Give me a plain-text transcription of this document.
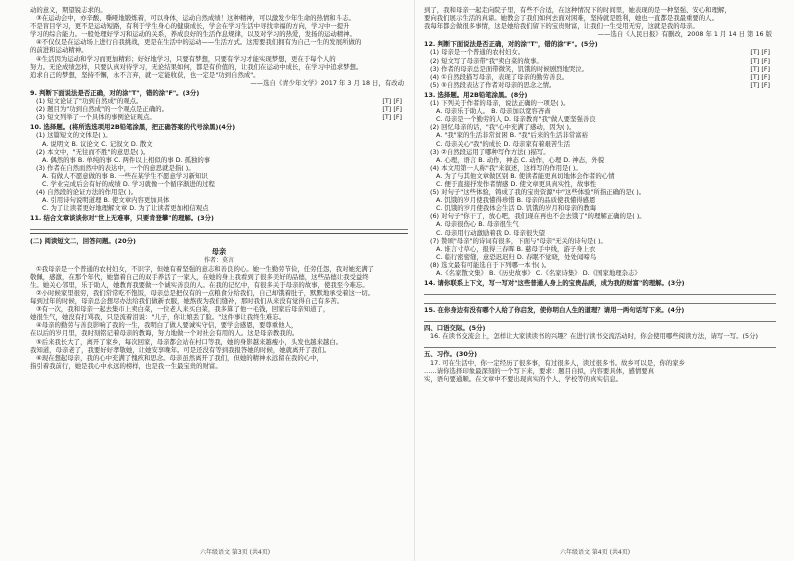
动的意义，期望锐志求的。
③在运动会中，亦辛酸、嘶哑地锻炼着，可以身体，运动自然成绩！这种精神，可以激发少年生命的热情和斗志。
不是盲目学习，更不是运动短路，有利于学生身心的健康成长，学会在学习生活中寻找幸福的方向，学习中一提升
学习的综合能力。一般处理好学习和运动的关系，养成良好的生活作息规律，以及对学习的热爱，发扬的运动精神。
④不仅仅是在运动场上进行自我挑战，更是在生活中的运动——生活方式。这需要我们拥有为自己一生的发展所做的
的前进和运动精神。
④生活因为运动和学习而更加精彩；好好地学习，只要有梦想，只要有学习才能实现梦想，更在于每个人的
努力。无论成绩怎样，只要认真对待学习，无论结果如何，都是有价值的，让我们在运动中成长，在学习中追求梦想。
追求自己的梦想，坚持不懈，永不言弃，就一定能收获，也一定是"功到自然成"。
——选自《青少年文学》2017 年 3 月 18 日，有改动
9. 判断下面说法是否正确，对的涂"T"，错的涂"F"。(3分)
(1) 短文论证了"功到自然成"的观点。	[T] [F]
(2) 题目为"功到自然成"的一个观点是正确的。	[T] [F]
(3) 短文列举了一个具体的事例论证观点。	[T] [F]
10. 选择题。(将所选选项用2B铅笔涂黑，把正确答案的代号涂黑)(4分)
(1) 这篇短文的文体是( )。
A. 说明文 B. 议论文 C. 记叙文 D. 散文
(2) 本文中，"无往而不胜"的意思是( )。
A. 偶然的事 B. 单纯的事 C. 两件以上相似的事 D. 孤独的事
(3) 作者在自然而然中的表达中，一个的意思就是指( )。
A. 有做人不愿意做的事 B. 一些在某学生不愿意学习新知识
C. 学业完成后会有好的成绩 D. 学习就像一个循序渐进的过程
(4) 自然段的论证方法的作用是( )。
A. 引用诗句说明道理 B. 使文章内容更加具体
C. 为了让读者更好地理解文章 D. 为了让读者更加相信观点
11. 结合文章谈谈你对"世上无难事，只要肯登攀"的理解。(3分)
(二) 阅读短文二，回答问题。(20分)
母亲
作者：莫言
①我母亲是一个普通的农村妇女，不识字，但她有着坚强的意志和善良的心。她一生勤劳节俭，任劳任怨，我对她充满了
敬佩，感激，在那个年代，她靠着自己的双手养活了一家人，在她的身上我看到了很多美好的品德，这些品德让我受益终
生。她关心邻里，乐于助人，她教育我要做一个诚实善良的人。在我的记忆中，有很多关于母亲的故事，使我至今难忘。
②小时候家里很穷，我们常常吃不饱饭，母亲总是把仅有的一点粮食分给我们，自己却饿着肚子，默默地承受着这一切。
每到过年的时候，母亲总会想尽办法给我们做新衣服，她熬夜为我们缝补，那时我们从来没有觉得自己有多苦。
③有一次，我和母亲一起去集市上卖白菜，一位老人来买白菜，我多算了他一毛钱，回家后母亲知道了，
她很生气，她没有打骂我，只是流着泪说："儿子，你让娘丢了脸。"这件事让我终生难忘。
④母亲的勤劳与善良影响了我的一生，我明白了做人要诚实守信，要学会感恩，要尊重他人，
在以后的岁月里，我时刻铭记着母亲的教诲，努力地做一个对社会有用的人。这是母亲教我的。
⑤后来我长大了，离开了家乡，每次回家，母亲都会站在村口等我，她的身影越来越瘦小，头发也越来越白。
我知道，母亲老了，我要好好孝敬她，让她安享晚年。可是还没有等到我报答她的时候，她就离开了我们。
⑥现在想起母亲，我的心中充满了愧疚和思念。母亲虽然离开了我们，但她的精神永远留在我的心中，
指引着我前行，她是我心中永远的榜样，也是我一生最宝贵的财富。
六年级语文 第3页 (共4页)
到了，我和母亲一起走向院子里，有些不合适，在这种情况下的时间里，她表现的是一种坚强、安心和理解，
要向我们展示生活的真谛。她教会了我们如何去面对困难，坚持就是胜利，她也一直都是我最重要的人。
我每年都会做很多事情，这是她给我们留下的宝贵财富，让我们一生受用无穷，这就是我的母亲。
——选自《人民日报》有删改，2008 年 1 月 14 日 第 16 版
12. 判断下面说法是否正确，对的涂"T"，错的涂"F"。(5分)
(1) 母亲是一个普通的农村妇女。	[T] [F]
(2) 短文写了母亲带"我"卖白菜的故事。	[T] [F]
(3) 作者的母亲总是面带微笑，饥饿的时候剧烈地哭泣。	[T] [F]
(4) ①自然段描写母亲，表现了母亲的勤劳善良。	[T] [F]
(5) ⑤自然段表达了作者对母亲的思念之情。	[T] [F]
13. 选择题。用2B铅笔涂黑。(8分)
(1) 下列关于作者的母亲，说法正确的一项是( )。
A. 母亲乐于助人。 B. 母亲加以宽容吝啬
C. 母亲是一个勤劳的人 D. 母亲教育"我"做人要坚强善良
(2) 回忆母亲的话，"我"心中充满了感动，因为( )。
A. "我"家的生活非常贫困 B. "我"后来的生活非常富裕
C. 母亲关心"我"的成长 D. 母亲家有着艰苦生活
(3) ②自然段运用了哪种写作方法( )描写。
A. 心理，语言 B. 动作，神态 C. 动作，心理 D. 神态，外貌
(4) 本文用第一人称"我"来叙述，这样写的作用是( )。
A. 为了与其他文章做区别 B. 使读者能更真切地体会作者的心情
C. 便于直接抒发作者情感 D. 使文章更具真实性，故事性
(5) 对句子"这些体验，铸成了我的宝贵资源"中"这些体验"所指正确的是( )。
A. 饥饿的岁月使我懂得珍惜 B. 母亲的品质使我懂得感恩
C. 饥饿的岁月使我体会生活 D. 饥饿的岁月和母亲的教诲
(6) 对句子"你干了，放心吧，我们现在再也不会去饿了"的理解正确的是( )。
A. 母亲很伤心 B. 母亲很生气
C. 母亲用行动激励着我 D. 母亲很失望
(7) 赞颂"母亲"的诗词有很多，下面与"母亲"无关的诗句是( )。
A. 谁言寸草心，报得三春晖 B. 慈母手中线，游子身上衣
C. 临行密密缝，意恐迟迟归 D. 春眠不觉晓，处处闻啼鸟
(8) 选文最有可能选自于下列哪一本书( )。
A.《名家散文集》 B.《历史故事》 C.《名家诗集》 D.《国家地理杂志》
14. 请你联系上下文，写一写对"这些普通人身上的宝贵品质，成为我的财富"的理解。(3分)
15. 在你身边有没有哪个人给了你启发，使你明白人生的道理？请用一两句话写下来。(4分)
四、口语交际。(5分)
16. 在读书交流会上，怎样让大家读读书的兴趣？在进行读书交流活动时，你会使用哪些阅读方法，请写一写。(5分)
五、习作。(30分)
17. 可在生活中，你一定经历了很多事，有过很多人，读过很多书。故乡可以是，你的家乡
……请你选择印象最深刻的一个写下来，要求：题目自拟，内容要具体，感情要真
实，语句要通顺。在文章中不要出现真实的个人、学校等的真实信息。
六年级语文 第4页 (共4页)
